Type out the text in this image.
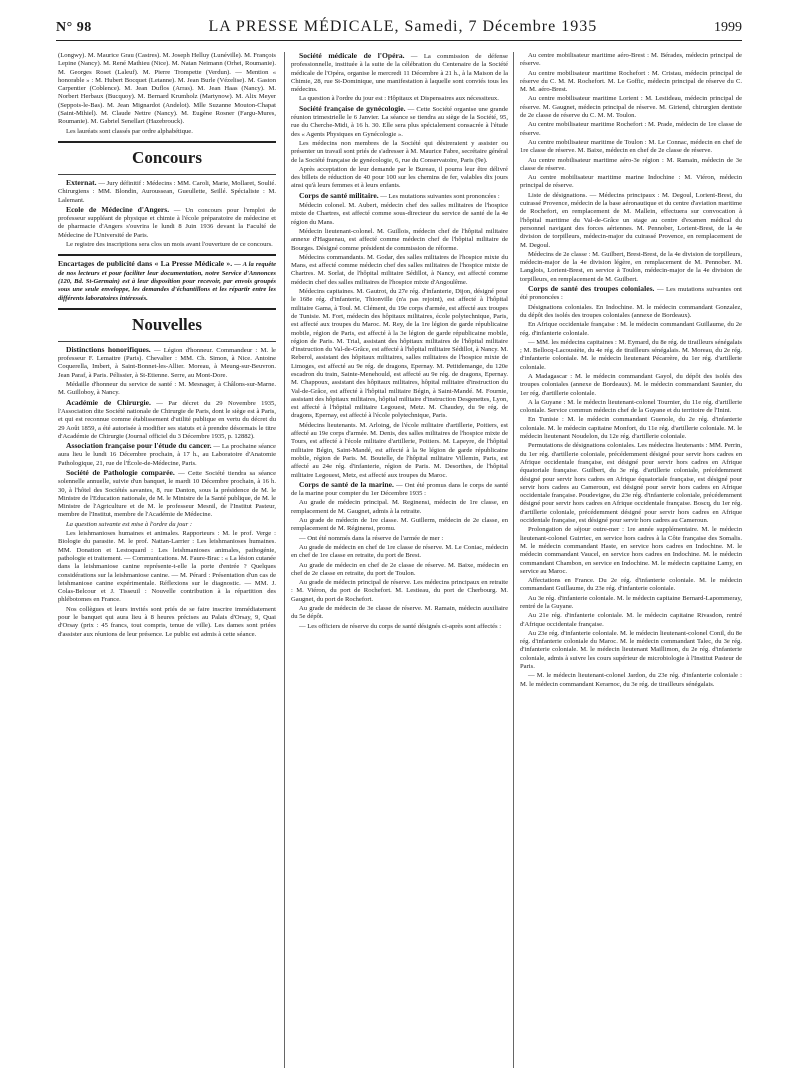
N° 98	LA PRESSE MÉDICALE, Samedi, 7 Décembre 1935	1999

(Longwy). M. Maurice Grau (Castres). M. Joseph Helluy (Lunéville). M. François Lepine (Nancy). M. René Mathieu (Nice). M. Natan Neimann (Orhei, Roumanie). M. Georges Roset (Laleuf). M. Pierre Trompette (Verdun). — Mention « honorable » : M. Hubert Bocquet (Letanne). M. Jean Burle (Vézelise). M. Gaston Carpentier (Coblence). M. Jean Duflos (Arras). M. Jean Haas (Nancy). M. Norbert Herbaux (Bucquoy). M. Bernard Krumholz (Martynow). M. Alix Meyer (Seppois-le-Bas). M. Jean Mignardot (Andelot). Mlle Suzanne Mouton-Chapat (Saint-Mihiel). M. Claude Nettre (Nancy). M. Eugène Rosner (Fargu-Mures, Roumanie). M. Gabriel Senellart (Hazebrouck).

Les lauréats sont classés par ordre alphabétique.

Concours

Externat. — Jury définitif : Médecins : MM. Caroli, Marie, Mollaret, Soulié. Chirurgiens : MM. Blondin, Auroussean, Gueullette, Seillé. Spécialiste : M. Lalemant.

Ecole de Médecine d'Angers. — Un concours pour l'emploi de professeur suppléant de physique et chimie à l'école préparatoire de médecine et de pharmacie d'Angers s'ouvrira le lundi 8 Juin 1936 devant la Faculté de Médecine de l'Université de Paris.

Le registre des inscriptions sera clos un mois avant l'ouverture de ce concours.

Encartages de publicité dans « La Presse Médicale ». — A la requête de nos lecteurs et pour faciliter leur documentation, notre Service d'Annonces (120, Bd. St-Germain) est à leur disposition pour recevoir, par envois groupés sous une seule enveloppe, les demandes d'échantillons et les répartir entre les différents laboratoires intéressés.

Nouvelles

Distinctions honorifiques. — Légion d'honneur. Commandeur : M. le professeur F. Lemaitre (Paris). Chevalier : MM. Ch. Simon, à Nice. Antoine Coquerella, Imbert, à Saint-Bonnet-les-Allier. Moreau, à Meung-sur-Beuvron. Jean Paraf, à Paris. Pélissier, à St-Etienne. Serre, au Mont-Dore.

Médaille d'honneur du service de santé : M. Mesnager, à Châlons-sur-Marne. M. Guilloboy, à Nancy.

Académie de Chirurgie. — Par décret du 29 Novembre 1935, l'Association dite Société nationale de Chirurgie de Paris, dont le siège est à Paris, et qui est reconnue comme établissement d'utilité publique en vertu du décret du 29 Août 1859, a été autorisée à modifier ses statuts et à prendre désormais le titre d'Académie de Chirurgie (Journal officiel du 3 Décembre 1935, p. 12882).

Association française pour l'étude du cancer. — La prochaine séance aura lieu le lundi 16 Décembre prochain, à 17 h., au Laboratoire d'Anatomie Pathologique, 21, rue de l'École-de-Médecine, Paris.

Société de Pathologie comparée. — Cette Société tiendra sa séance solennelle annuelle, suivie d'un banquet, le mardi 10 Décembre prochain, à 16 h. 30, à l'hôtel des Sociétés savantes, 8, rue Danton, sous la présidence de M. le Ministre de l'Education nationale, de M. le Ministre de la Santé publique, de M. le Ministre de l'Agriculture et de M. le professeur Mesnil, de l'Institut Pasteur, membre de l'Institut, membre de l'Académie de Médecine.

La question suivante est mise à l'ordre du jour :

Les leishmanioses humaines et animales. Rapporteurs : M. le prof. Verge : Biologie du parasite. M. le prof. Nattan-Larrier : Les leishmanioses humaines. MM. Donation et Lestoquard : Les leishmanioses animales, pathogénie, pathologie et traitement. — Communications. M. Faure-Brac : « La lésion cutanée dans la leishmaniose canine représente-t-elle la porte d'entrée ? Quelques considérations sur la leishmaniose canine. — M. Pérard : Présentation d'un cas de leishmaniose canine expérimentale. Réflexions sur le diagnostic. — MM. J. Colas-Belcour et J. Tisseuil : Nouvelle contribution à la répartition des phlébotomes en France.

Nos collègues et leurs invités sont priés de se faire inscrire immédiatement pour le banquet qui aura lieu à 8 heures précises au Palais d'Orsay, 9, Quai d'Orsay (prix : 45 francs, tout compris, tenue de ville). Les dames sont priées d'assister aux réunions de leur présence. Le public est admis à cette séance.

Société médicale de l'Opéra. — La commission de défense professionnelle, instituée à la suite de la célébration du Centenaire de la Société médicale de l'Opéra, organise le mercredi 11 Décembre à 21 h., à la Maison de la Chimie, 28, rue St-Dominique, une manifestation à laquelle sont conviés tous les médecins.

La question à l'ordre du jour est : Hôpitaux et Dispensaires aux nécessiteux.

Société française de gynécologie. — Cette Société organise une grande réunion trimestrielle le 6 Janvier. La séance se tiendra au siège de la Société, 95, rue du Cherche-Midi, à 16 h. 30. Elle sera plus spécialement consacrée à l'étude des « Agents Physiques en Gynécologie ».

Les médecins non membres de la Société qui désireraient y assister ou présenter un travail sont priés de s'adresser à M. Maurice Fabre, secrétaire général de la Société française de gynécologie, 6, rue du Conservatoire, Paris (9e).

Après acceptation de leur demande par le Bureau, il pourra leur être délivré des billets de réduction de 40 pour 100 sur les chemins de fer, valables dix jours ainsi qu'à leurs femmes et à leurs enfants.

Corps de santé militaire. — Les mutations suivantes sont prononcées :

Médecin colonel. M. Aubert, médecin chef des salles militaires de l'hospice mixte de Chartres, est affecté comme sous-directeur du service de santé de la 4e région du Mans.

Médecin lieutenant-colonel. M. Guillois, médecin chef de l'hôpital militaire annexe d'Haguenau, est affecté comme médecin chef de l'hôpital militaire de Bourges. Désigné comme président de commission de réforme.

Médecins commandants. M. Godar, des salles militaires de l'hospice mixte du Mans, est affecté comme médecin chef des salles militaires de l'hospice mixte de Chartres. M. Sorlat, de l'hôpital militaire Sédillot, à Nancy, est affecté comme médecin chef des salles militaires de l'hospice mixte d'Angoulême.

Médecins capitaines. M. Gautrot, du 27e rég. d'infanterie, Dijon, désigné pour le 168e rég. d'infanterie, Thionville (n'a pas rejoint), est affecté à l'hôpital militaire Gama, à Toul. M. Clément, du 19e corps d'armée, est affecté aux troupes de Tunisie. M. Fort, médecin des hôpitaux militaires, école polytechnique, Paris, est affecté aux troupes du Maroc. M. Rey, de la 1re légion de garde républicaine mobile, région de Paris, est affecté à la 3e légion de garde républicaine mobile, région de Paris. M. Trial, assistant des hôpitaux militaires de l'hôpital militaire d'instruction du Val-de-Grâce, est affecté à l'hôpital militaire Sédillot, à Nancy. M. Reberol, assistant des hôpitaux militaires, salles militaires de l'hospice mixte de Limoges, est affecté au 9e rég. de dragons, Epernay. M. Petitdemange, du 120e escadron du train, Sainte-Menehould, est affecté au 9e rég. de dragons, Epernay. M. Chappoux, assistant des hôpitaux militaires, hôpital militaire d'instruction du Val-de-Grâce, est affecté à l'hôpital militaire Bégin, à Saint-Mandé. M. Fournie, assistant des hôpitaux militaires, hôpital militaire d'instruction Desgenettes, Lyon, est affecté à l'hôpital militaire Legouest, Metz. M. Chaudey, du 9e rég. de dragons, Epernay, est affecté à l'école polytechnique, Paris.

Médecins lieutenants. M. Arloing, de l'école militaire d'artillerie, Poitiers, est affecté au 19e corps d'armée. M. Denis, des salles militaires de l'hospice mixte de Tours, est affecté à l'école militaire d'artillerie, Poitiers. M. Lapeyre, de l'hôpital militaire Bégin, Saint-Mandé, est affecté à la 9e légion de garde républicaine mobile, région de Paris. M. Boutelle, de l'hôpital militaire Villemin, Paris, est affecté au 24e rég. d'infanterie, région de Paris. M. Desorthes, de l'hôpital militaire Legouest, Metz, est affecté aux troupes du Maroc.

Corps de santé de la marine. — Ont été promus dans le corps de santé de la marine pour compter du 1er Décembre 1935 :

Au grade de médecin principal. M. Reginensi, médecin de 1re classe, en remplacement de M. Gaugnet, admis à la retraite.

Au grade de médecin de 1re classe. M. Guillerm, médecin de 2e classe, en remplacement de M. Réginensi, promu.

— Ont été nommés dans la réserve de l'armée de mer :

Au grade de médecin en chef de 1re classe de réserve. M. Le Coniac, médecin en chef de 1re classe en retraite, du port de Brest.

Au grade de médecin en chef de 2e classe de réserve. M. Baixe, médecin en chef de 2e classe en retraite, du port de Toulon.

Au grade de médecin principal de réserve. Les médecins principaux en retraite : M. Viéron, du port de Rochefort. M. Lestieau, du port de Cherbourg. M. Gaugnet, du port de Rochefort.

Au grade de médecin de 3e classe de réserve. M. Ramain, médecin auxiliaire du 5e dépôt.

— Les officiers de réserve du corps de santé désignés ci-après sont affectés :

Au centre mobilisateur maritime aéro-Brest : M. Bérades, médecin principal de réserve.

Au centre mobilisateur maritime Rochefort : M. Cristau, médecin principal de réserve du C. M. M. Rochefort. M. Le Goffic, médecin principal de réserve du C. M. M. aéro-Brest.

Au centre mobilisateur maritime Lorient : M. Lestideau, médecin principal de réserve. M. Gaugnet, médecin principal de réserve. M. Giriend, chirurgien dentiste de 2e classe de réserve du C. M. M. Toulon.

Au centre mobilisateur maritime Rochefort : M. Prade, médecin de 1re classe de réserve.

Au centre mobilisateur maritime de Toulon : M. Le Connac, médecin en chef de 1re classe de réserve. M. Baixe, médecin en chef de 2e classe de réserve.

Au centre mobilisateur maritime aéro-3e région : M. Ramain, médecin de 3e classe de réserve.

Au centre mobilisateur maritime marine Indochine : M. Viéron, médecin principal de réserve.

Liste de désignations. — Médecins principaux : M. Degoul, Lorient-Brest, du cuirassé Provence, médecin de la base aéronautique et du centre d'aviation maritime de Rochefort, en remplacement de M. Mallein, effectuera sur convocation à l'hôpital maritime du Val-de-Grâce un stage au centre d'examen médical du personnel navigant des forces aériennes. M. Pennober, Lorient-Brest, de la 4e division de torpilleurs, médecin-major du cuirassé Provence, en remplacement de M. Degoul.

Médecins de 2e classe : M. Guilbert, Brest-Brest, de la 4e division de torpilleurs, médecin-major de la 4e division légère, en remplacement de M. Pennober. M. Langlois, Lorient-Brest, en service à Toulon, médecin-major de la 4e division de torpilleurs, en remplacement de M. Guilbert.

Corps de santé des troupes coloniales. — Les mutations suivantes ont été prononcées :

Désignations coloniales. En Indochine. M. le médecin commandant Gonzalez, du dépôt des isolés des troupes coloniales (annexe de Bordeaux).

En Afrique occidentale française : M. le médecin commandant Guillaume, du 2e rég. d'infanterie coloniale.

— MM. les médecins capitaines : M. Eymard, du 8e rég. de tirailleurs sénégalais ; M. Bellocq-Lacoustète, du 4e rég. de tirailleurs sénégalais. M. Moreau, du 2e rég. d'infanterie coloniale. M. le médecin lieutenant Pécarrère, du 1er rég. d'artillerie coloniale.

A Madagascar : M. le médecin commandant Gayol, du dépôt des isolés des troupes coloniales (annexe de Bordeaux). M. le médecin commandant Saunier, du 1er rég. d'artillerie coloniale.

A la Guyane : M. le médecin lieutenant-colonel Tournier, du 11e rég. d'artillerie coloniale. Service commun médecin chef de la Guyane et du territoire de l'Inini.

En Tunisie : M. le médecin commandant Guenole, du 2e rég. d'infanterie coloniale. M. le médecin capitaine Monfort, du 11e rég. d'artillerie coloniale. M. le médecin lieutenant Noudelon, du 12e rég. d'artillerie coloniale.

Permutations de désignations coloniales. Les médecins lieutenants : MM. Perrin, du 1er rég. d'artillerie coloniale, précédemment désigné pour servir hors cadres en Afrique occidentale française, est désigné pour servir hors cadres en Afrique équatoriale française. Guilbert, du 3e rég. d'artillerie coloniale, précédemment désigné pour servir hors cadres en Afrique équatoriale française, est désigné pour servir hors cadres au Cameroun, est désigné pour servir hors cadres en Afrique occidentale française. Poudevigne, du 23e rég. d'infanterie coloniale, précédemment désigné pour servir hors cadres en Afrique occidentale française. Boscq, du 1er rég. d'artillerie coloniale, précédemment désigné pour servir hors cadres en Afrique occidentale française, est désigné pour servir hors cadres au Cameroun.

Prolongation de séjour outre-mer : 1re année supplémentaire. M. le médecin lieutenant-colonel Guirriec, en service hors cadres à la Côte française des Somalis. M. le médecin commandant Haste, en service hors cadres en Indochine. M. le médecin commandant Vaucel, en service hors cadres en Indochine. M. le médecin commandant Chambon, en service en Indochine. M. le médecin capitaine Lamy, en service au Maroc.

Affectations en France. Du 2e rég. d'infanterie coloniale. M. le médecin commandant Guillaume, du 23e rég. d'infanterie coloniale.

Au 3e rég. d'infanterie coloniale. M. le médecin capitaine Bernard-Lapommeray, rentré de la Guyane.

Au 21e rég. d'infanterie coloniale. M. le médecin capitaine Rivasdon, rentré d'Afrique occidentale française.

Au 23e rég. d'infanterie coloniale. M. le médecin lieutenant-colonel Conil, du 8e rég. d'infanterie coloniale du Maroc. M. le médecin commandant Talec, du 3e rég. d'infanterie coloniale. M. le médecin lieutenant Maillimon, du 2e rég. d'infanterie coloniale, admis à suivre les cours supérieur de microbiologie à l'Institut Pasteur de Paris.

— M. le médecin lieutenant-colonel Jardon, du 23e rég. d'infanterie coloniale : M. le médecin commandant Kerarnoc, du 3e rég. de tirailleurs sénégalais.
